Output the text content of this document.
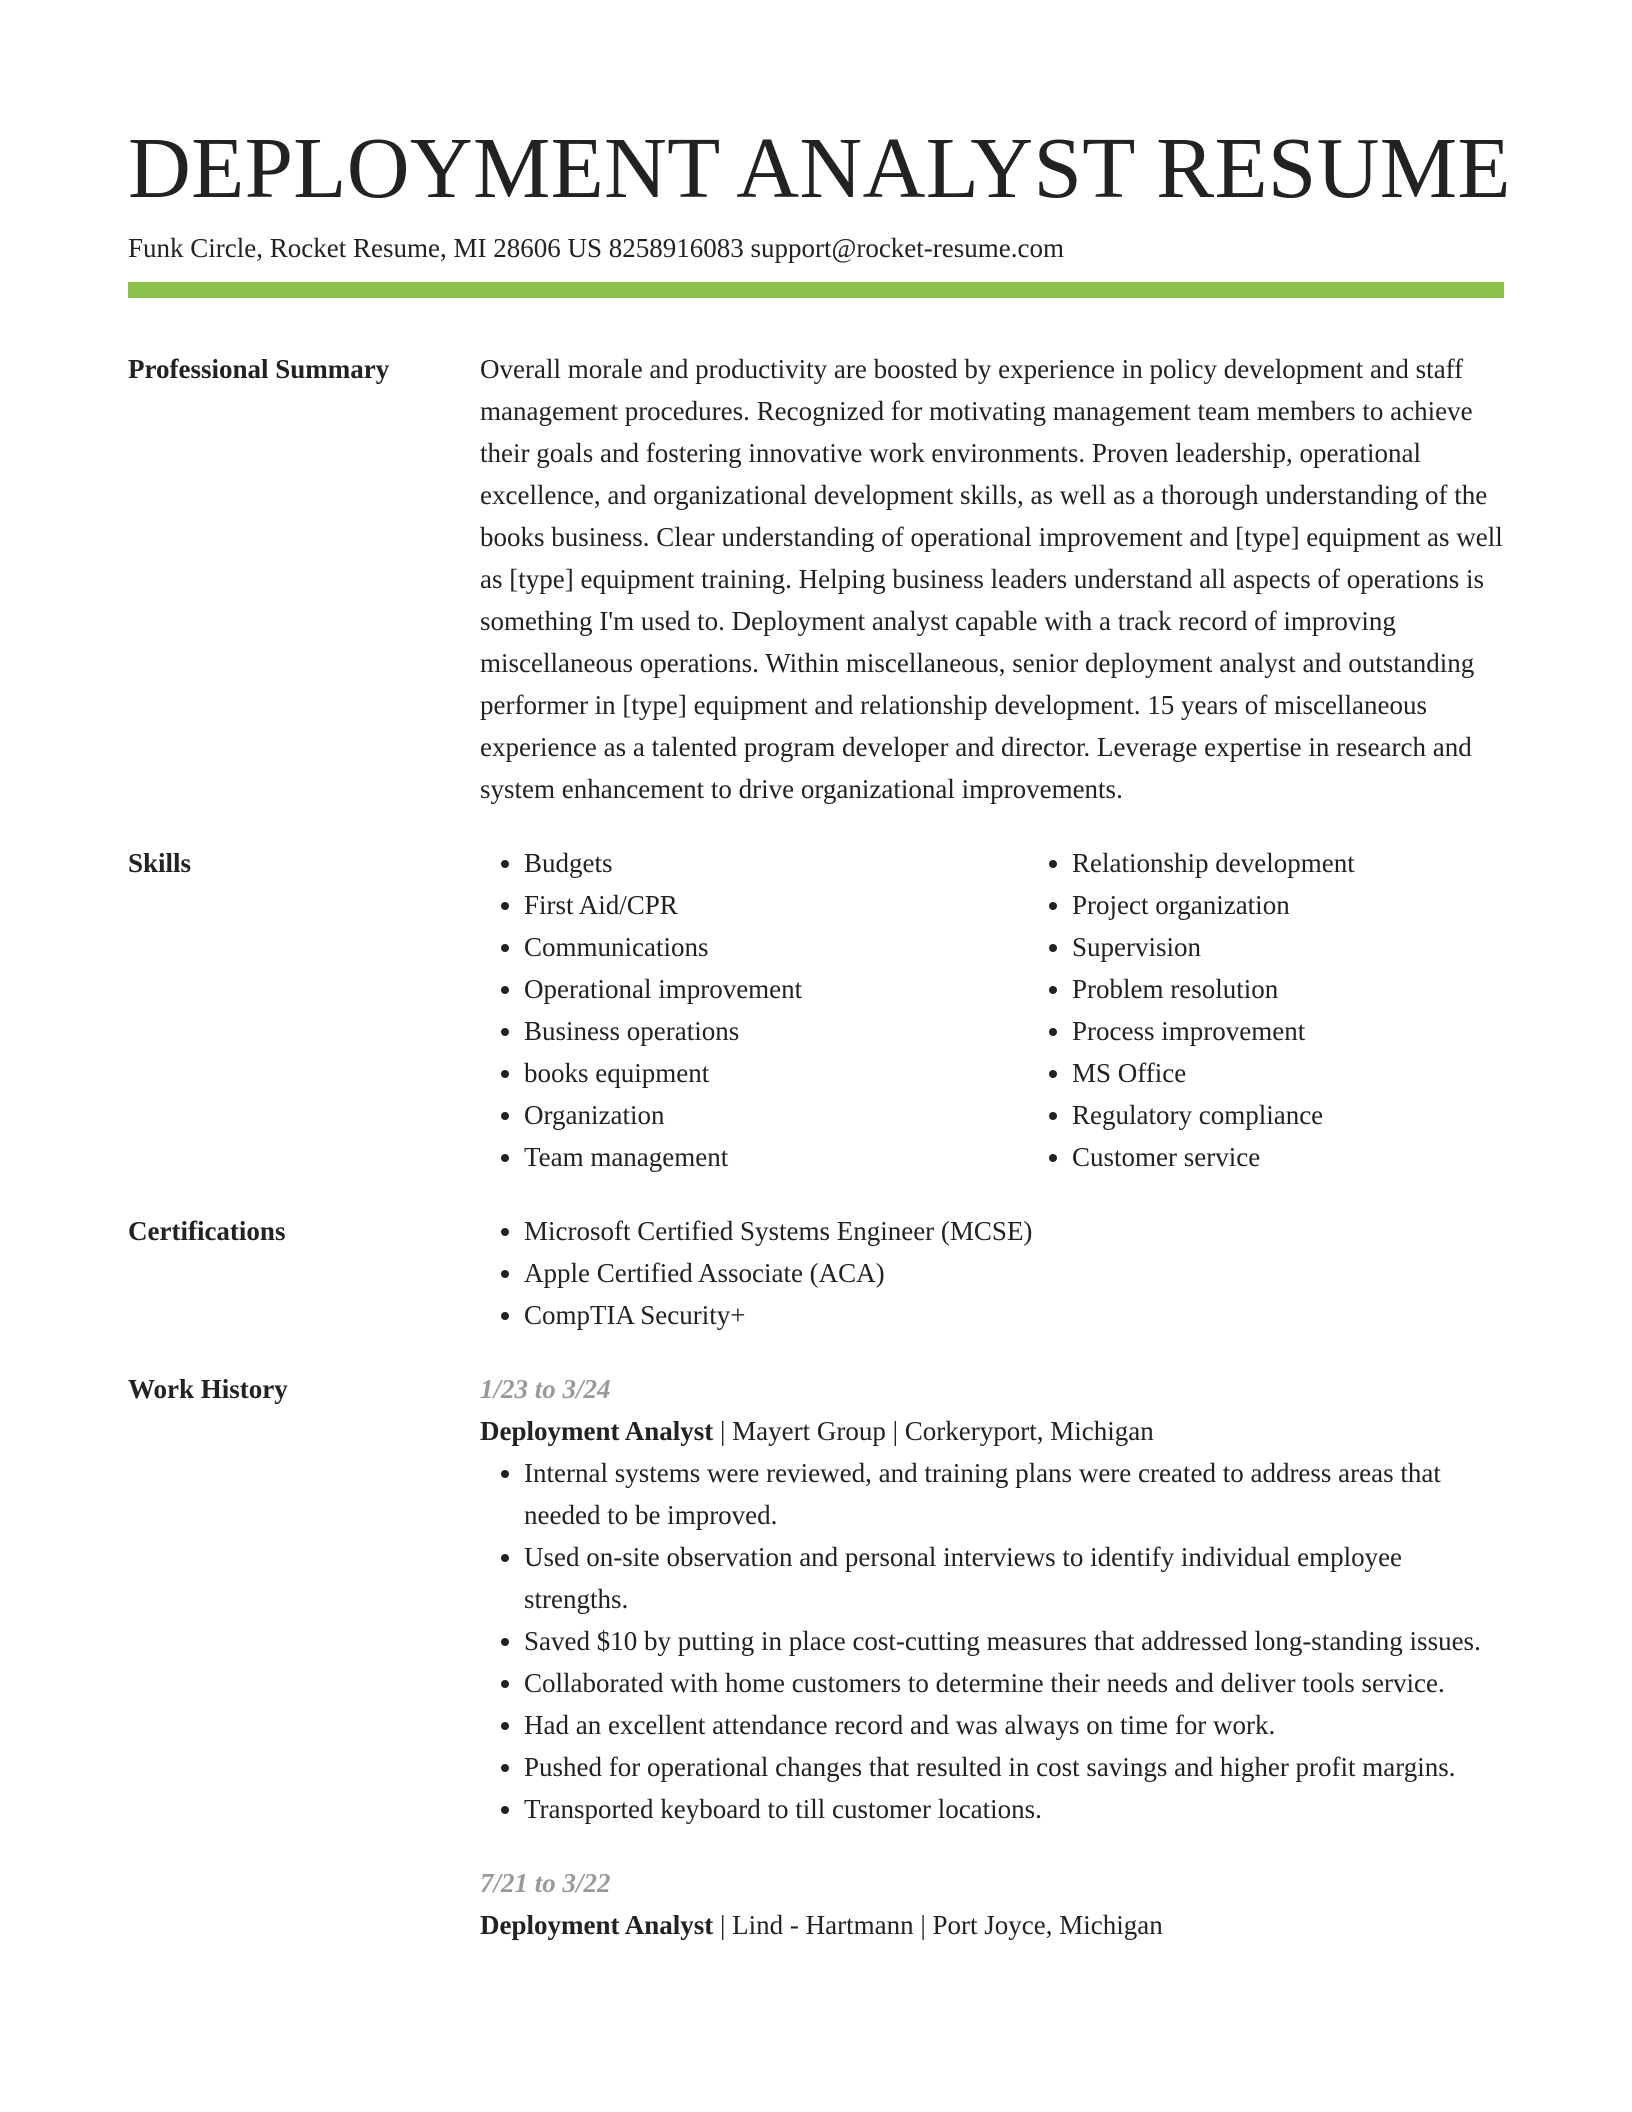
DEPLOYMENT ANALYST RESUME
Funk Circle, Rocket Resume, MI 28606 US 8258916083 support@rocket-resume.com
Professional Summary	Overall morale and productivity are boosted by experience in policy development and staff management procedures. Recognized for motivating management team members to achieve their goals and fostering innovative work environments. Proven leadership, operational excellence, and organizational development skills, as well as a thorough understanding of the books business. Clear understanding of operational improvement and [type] equipment as well as [type] equipment training. Helping business leaders understand all aspects of operations is something I'm used to. Deployment analyst capable with a track record of improving miscellaneous operations. Within miscellaneous, senior deployment analyst and outstanding performer in [type] equipment and relationship development. 15 years of miscellaneous experience as a talented program developer and director. Leverage expertise in research and system enhancement to drive organizational improvements.

Skills	• Budgets
• First Aid/CPR
• Communications
• Operational improvement
• Business operations
• books equipment
• Organization
• Team management
• Relationship development
• Project organization
• Supervision
• Problem resolution
• Process improvement
• MS Office
• Regulatory compliance
• Customer service
Certifications	• Microsoft Certified Systems Engineer (MCSE)
• Apple Certified Associate (ACA)
• CompTIA Security+
Work History	1/23 to 3/24
Deployment Analyst | Mayert Group | Corkeryport, Michigan
• Internal systems were reviewed, and training plans were created to address areas that needed to be improved.
• Used on-site observation and personal interviews to identify individual employee strengths.
• Saved $10 by putting in place cost-cutting measures that addressed long-standing issues.
• Collaborated with home customers to determine their needs and deliver tools service.
• Had an excellent attendance record and was always on time for work.
• Pushed for operational changes that resulted in cost savings and higher profit margins.
• Transported keyboard to till customer locations.
7/21 to 3/22
Deployment Analyst | Lind - Hartmann | Port Joyce, Michigan
